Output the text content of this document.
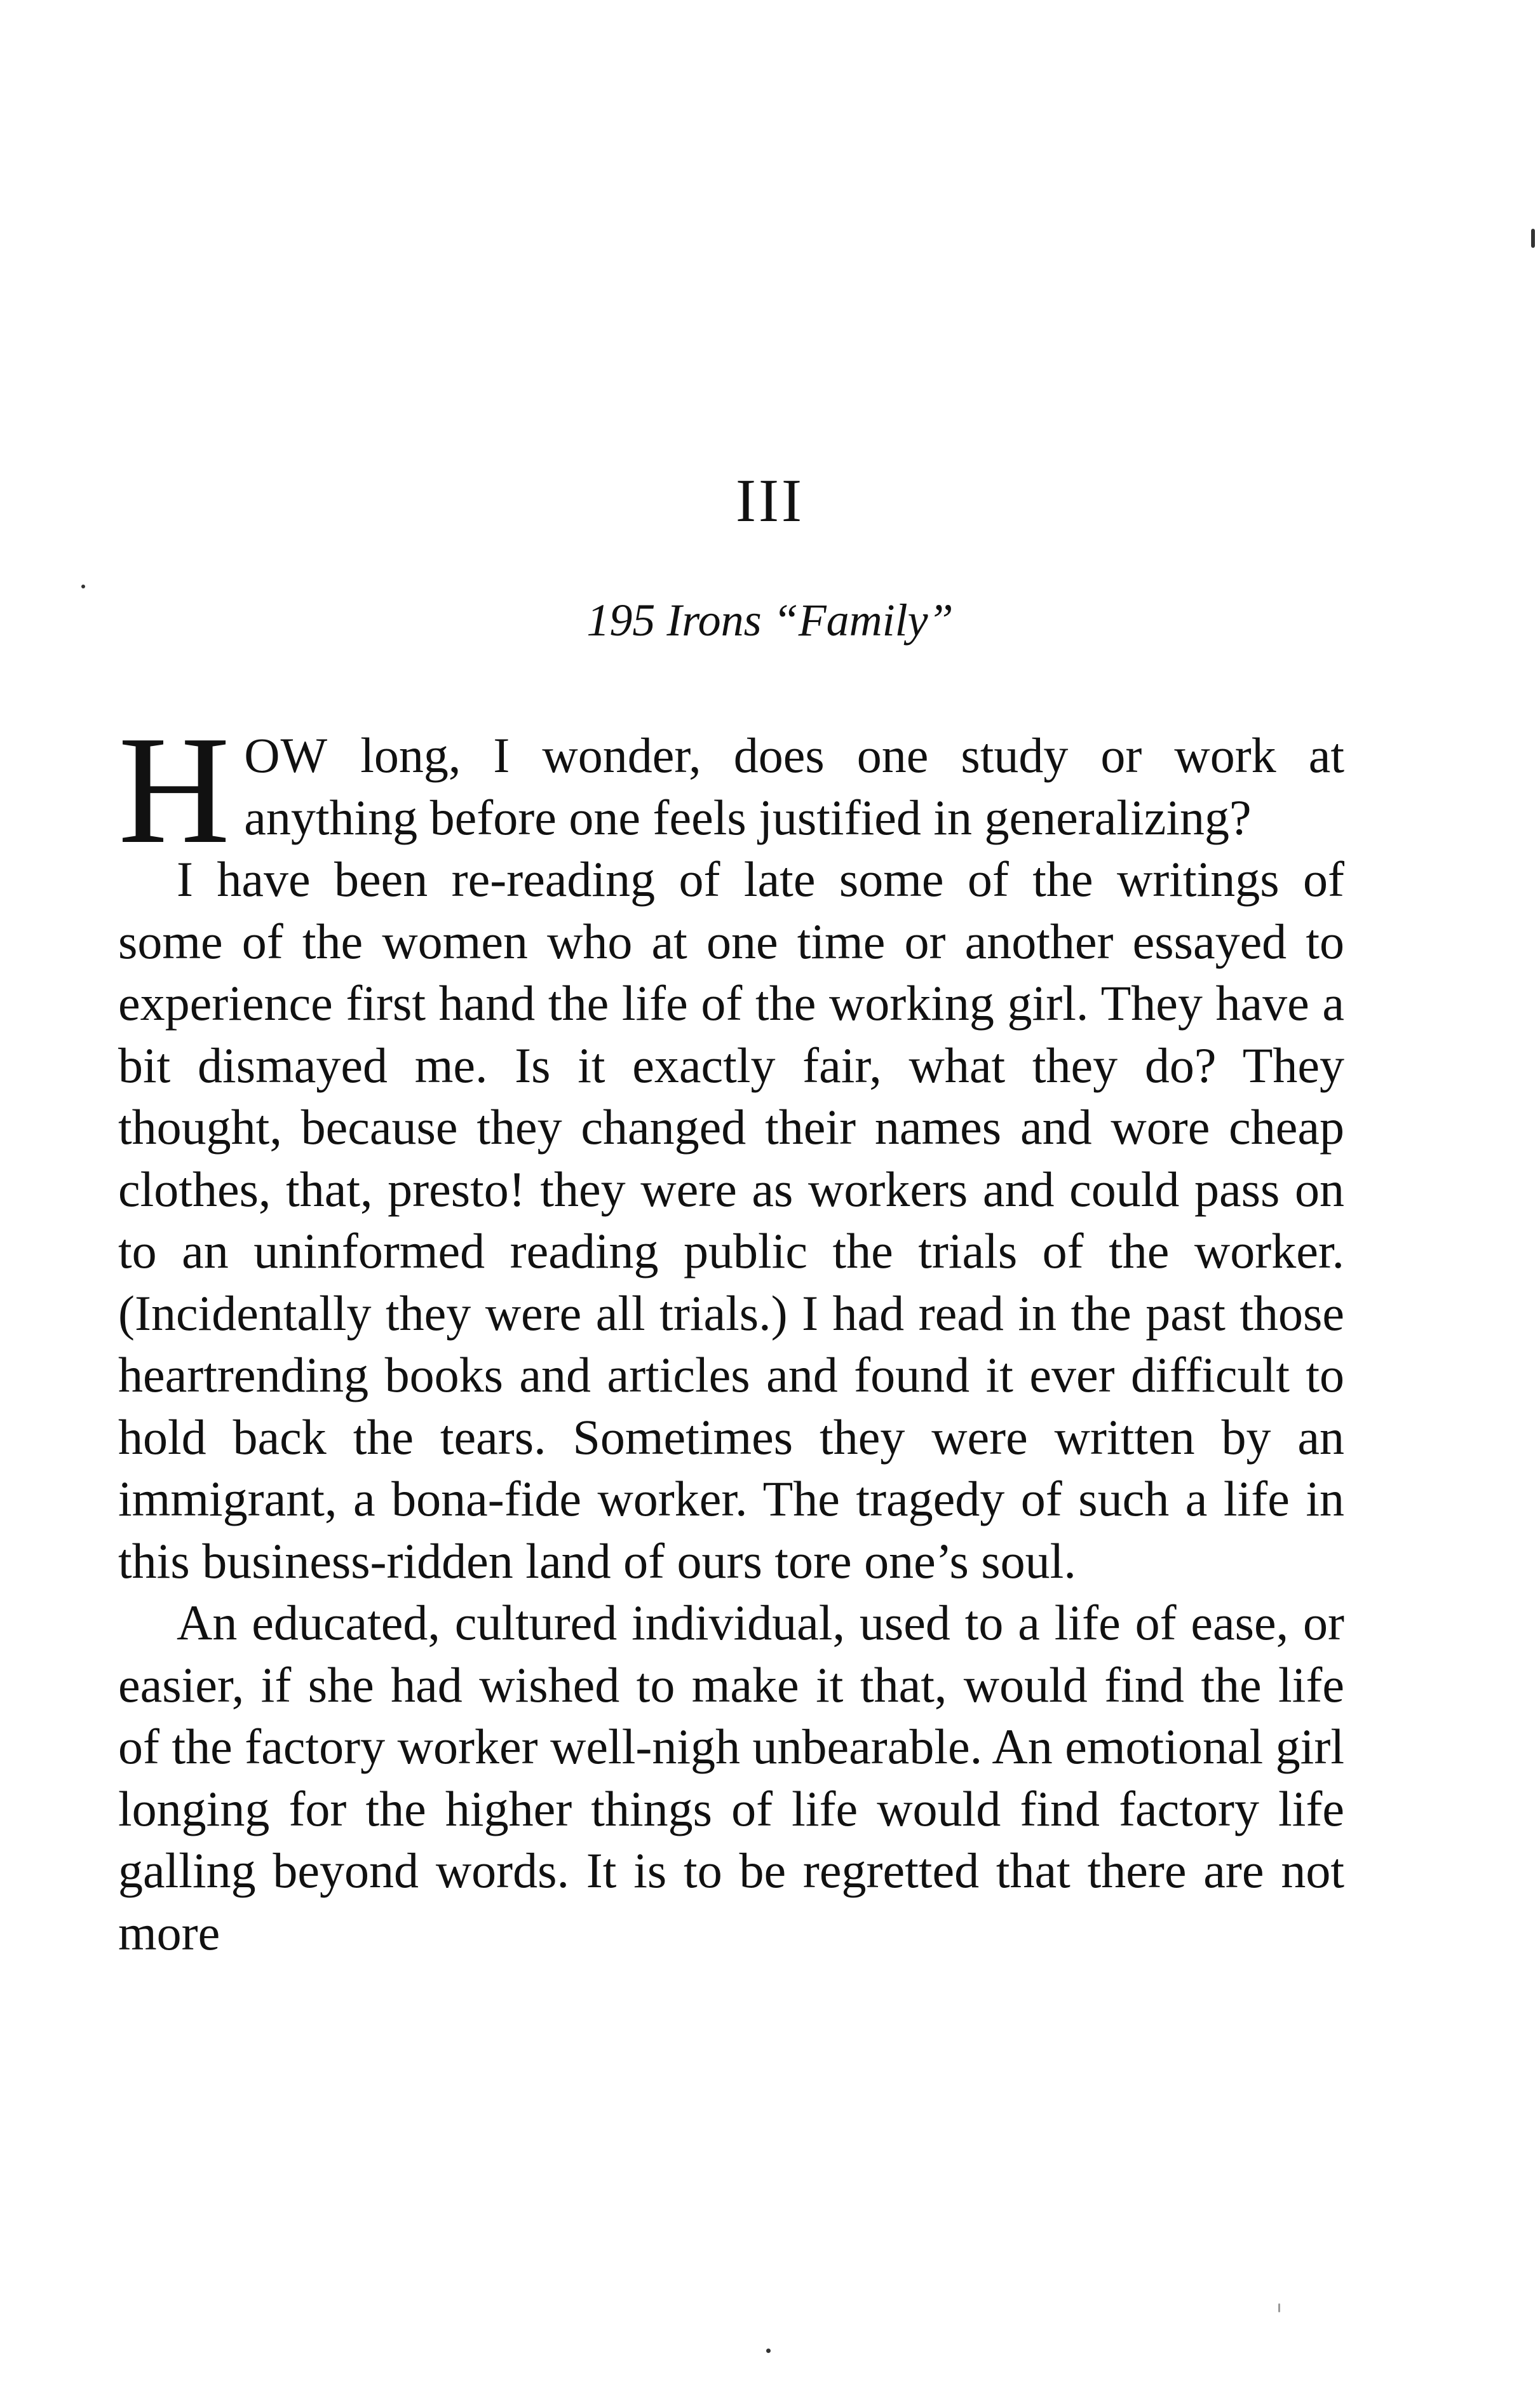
III
195 Irons “Family”

HOW long, I wonder, does one study or work at anything before one feels justified in generalizing?

I have been re-reading of late some of the writings of some of the women who at one time or another essayed to experience first hand the life of the working girl. They have a bit dismayed me. Is it exactly fair, what they do? They thought, because they changed their names and wore cheap clothes, that, presto! they were as workers and could pass on to an uninformed reading public the trials of the worker. (Incidentally they were all trials.) I had read in the past those heartrending books and articles and found it ever difficult to hold back the tears. Sometimes they were written by an immigrant, a bona-fide worker. The tragedy of such a life in this business-ridden land of ours tore one’s soul.

An educated, cultured individual, used to a life of ease, or easier, if she had wished to make it that, would find the life of the factory worker well-nigh unbearable. An emotional girl longing for the higher things of life would find factory life galling beyond words. It is to be regretted that there are not more
